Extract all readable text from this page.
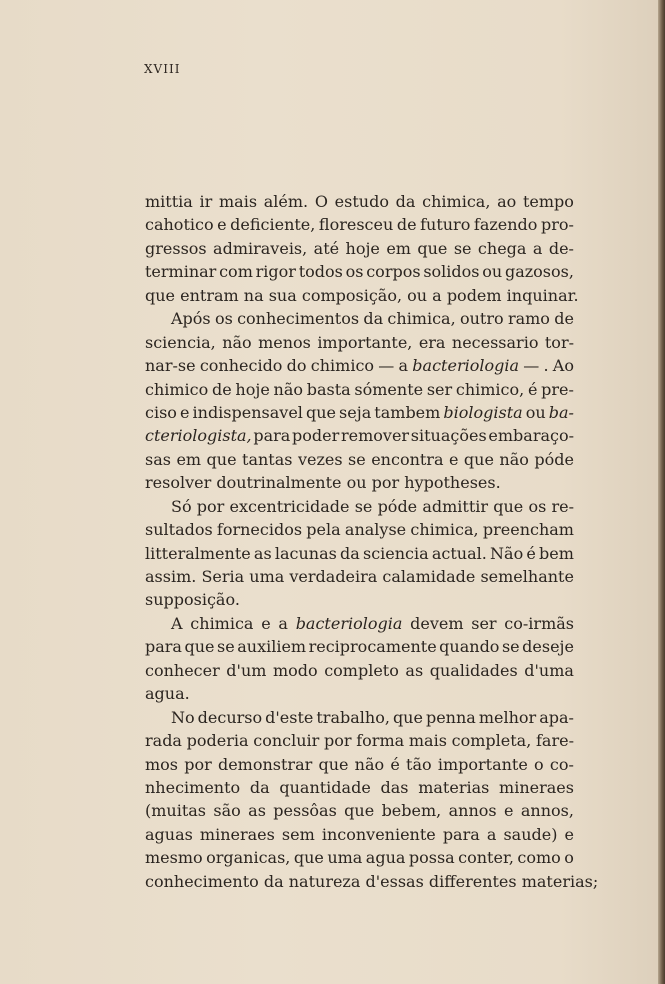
XVIII
mittia ir mais além. O estudo da chimica, ao tempo
cahotico e deficiente, floresceu de futuro fazendo pro-
gressos admiraveis, até hoje em que se chega a de-
terminar com rigor todos os corpos solidos ou gazosos,
que
entram
na
sua
composição,
ou
a
podem
inquinar.
Após os conhecimentos da chimica, outro ramo de
sciencia, não menos importante, era necessario tor-
nar-se conhecido do chimico — a bacteriologia — . Ao
chimico de hoje não basta sómente ser chimico, é pre-
ciso e indispensavel que seja tambem biologista ou ba-
cteriologista, para poder remover situações embaraço-
sas em que tantas vezes se encontra e que não póde
resolver
doutrinalmente
ou
por
hypotheses.
Só por excentricidade se póde admittir que os re-
sultados fornecidos pela analyse chimica, preencham
litteralmente as lacunas da sciencia actual. Não é bem
assim. Seria uma verdadeira calamidade semelhante
supposição.
A chimica e a bacteriologia devem ser co-irmãs
para que se auxiliem reciprocamente quando se deseje
conhecer d'um modo completo as qualidades d'uma
agua.
No decurso d'este trabalho, que penna melhor apa-
rada poderia concluir por forma mais completa, fare-
mos por demonstrar que não é tão importante o co-
nhecimento da quantidade das materias mineraes
(muitas são as pessôas que bebem, annos e annos,
aguas mineraes sem inconveniente para a saude) e
mesmo organicas, que uma agua possa conter, como o
conhecimento
da
natureza
d'essas
differentes
materias;
